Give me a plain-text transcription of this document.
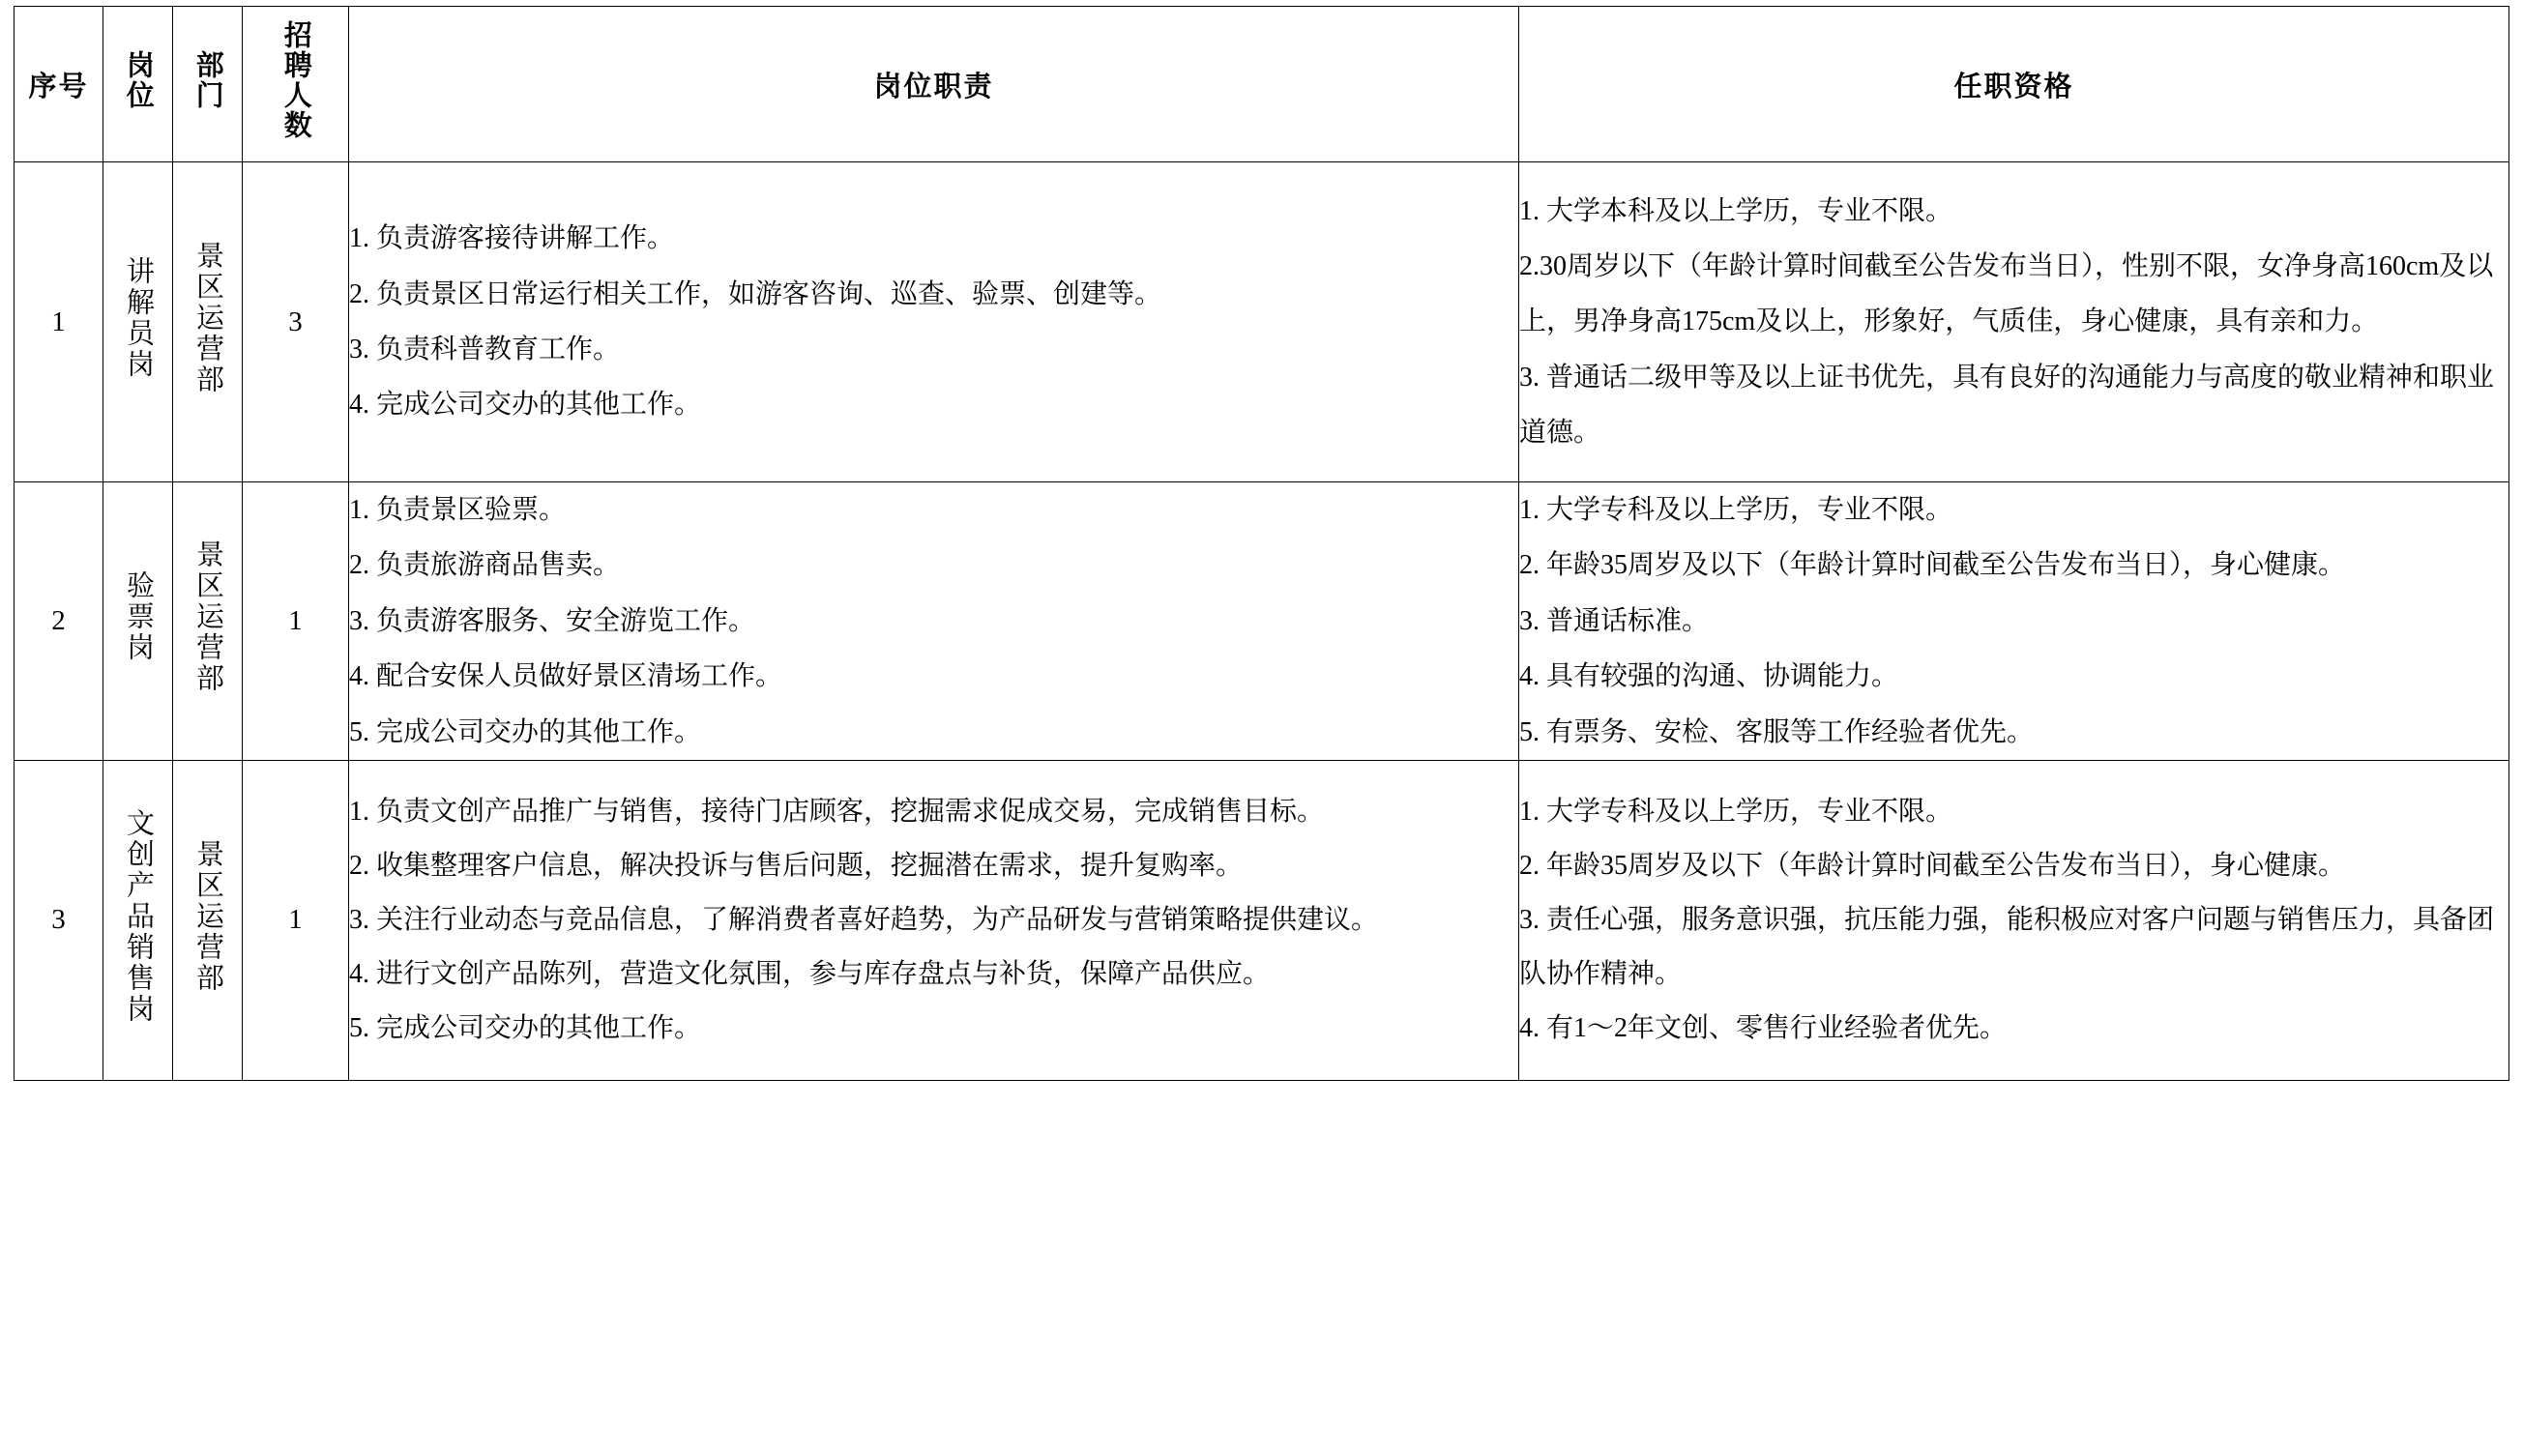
序号	岗位	部门	招聘人数	岗位职责	任职资格
1	讲解员岗	景区运营部	3	1. 负责游客接待讲解工作。
2. 负责景区日常运行相关工作，如游客咨询、巡查、验票、创建等。
3. 负责科普教育工作。
4. 完成公司交办的其他工作。	1. 大学本科及以上学历，专业不限。
2.30周岁以下（年龄计算时间截至公告发布当日），性别不限，女净身高160cm及以上，男净身高175cm及以上，形象好，气质佳，身心健康，具有亲和力。
3. 普通话二级甲等及以上证书优先，具有良好的沟通能力与高度的敬业精神和职业道德。

2	验票岗	景区运营部	1	1. 负责景区验票。
2. 负责旅游商品售卖。
3. 负责游客服务、安全游览工作。
4. 配合安保人员做好景区清场工作。
5. 完成公司交办的其他工作。	1. 大学专科及以上学历，专业不限。
2. 年龄35周岁及以下（年龄计算时间截至公告发布当日），身心健康。
3. 普通话标准。
4. 具有较强的沟通、协调能力。
5. 有票务、安检、客服等工作经验者优先。

3	文创产品销售岗	景区运营部	1	1. 负责文创产品推广与销售，接待门店顾客，挖掘需求促成交易，完成销售目标。
2. 收集整理客户信息，解决投诉与售后问题，挖掘潜在需求，提升复购率。
3. 关注行业动态与竞品信息，了解消费者喜好趋势，为产品研发与营销策略提供建议。
4. 进行文创产品陈列，营造文化氛围，参与库存盘点与补货，保障产品供应。
5. 完成公司交办的其他工作。	1. 大学专科及以上学历，专业不限。
2. 年龄35周岁及以下（年龄计算时间截至公告发布当日），身心健康。
3. 责任心强，服务意识强，抗压能力强，能积极应对客户问题与销售压力，具备团队协作精神。
4. 有1～2年文创、零售行业经验者优先。
